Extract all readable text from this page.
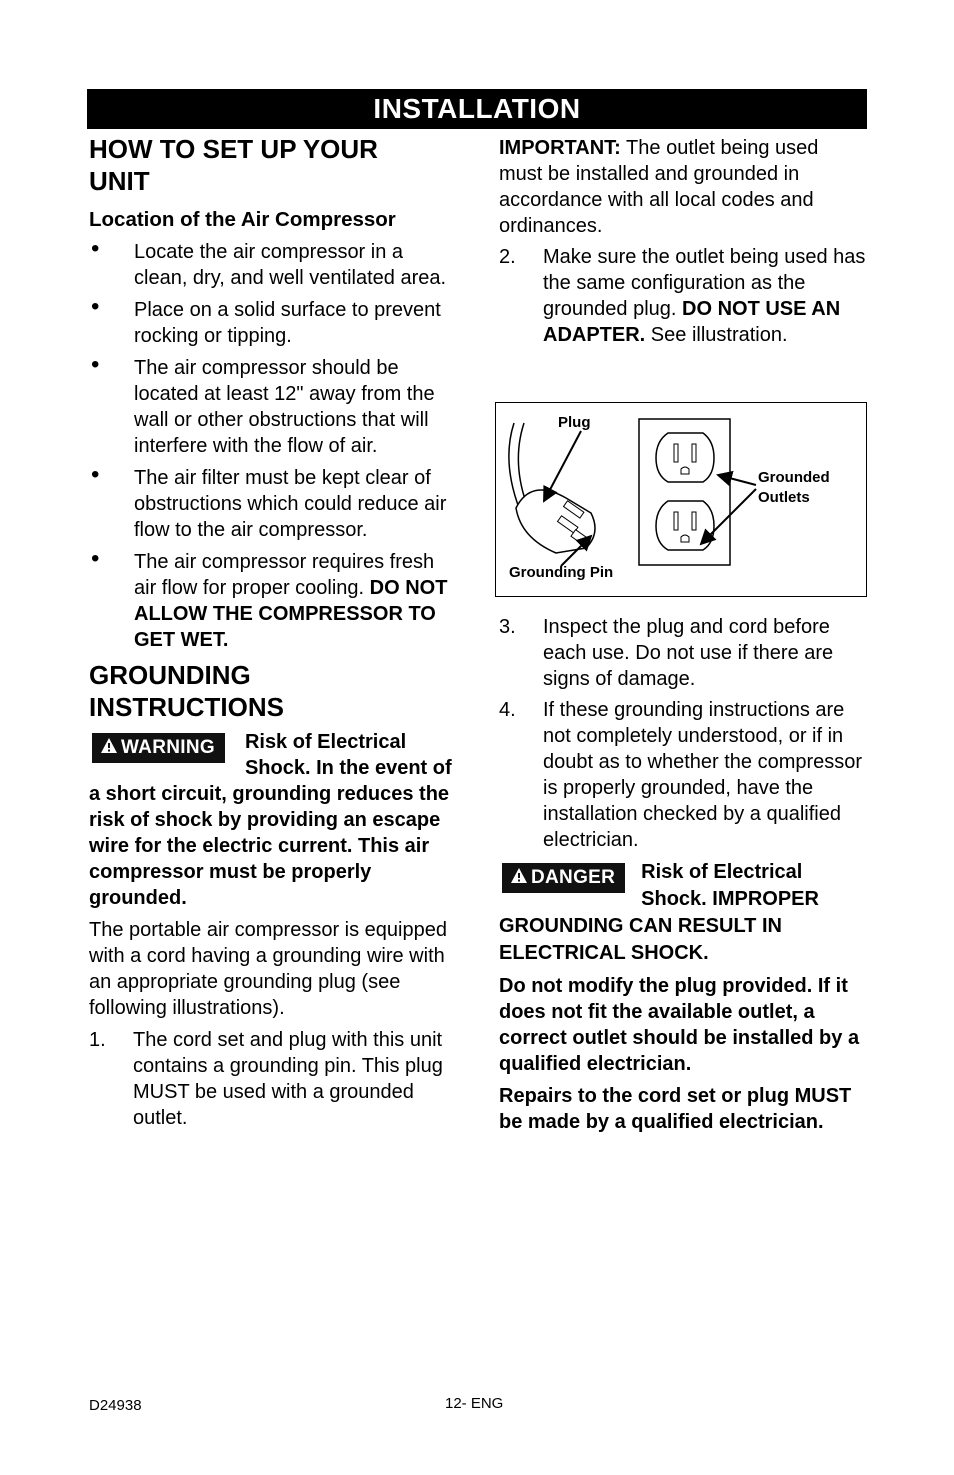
INSTALLATION
HOW TO SET UP YOUR UNIT
Location of the Air Compressor
• Locate the air compressor in a clean, dry, and well ventilated area.
• Place on a solid surface to prevent rocking or tipping.
• The air compressor should be located at least 12" away from the wall or other obstructions that will interfere with the flow of air.
• The air filter must be kept clear of obstructions which could reduce air flow to the air compressor.
• The air compressor requires fresh air flow for proper cooling. DO NOT ALLOW THE COMPRESSOR TO GET WET.
GROUNDING INSTRUCTIONS
WARNING	Risk of Electrical Shock. In the event of a short circuit, grounding reduces the risk of shock by providing an escape wire for the electric current. This air compressor must be properly grounded.

The portable air compressor is equipped with a cord having a grounding wire with an appropriate grounding plug (see following illustrations).

1. The cord set and plug with this unit contains a grounding pin. This plug MUST be used with a grounded outlet.

IMPORTANT: The outlet being used must be installed and grounded in accordance with all local codes and ordinances.

2. Make sure the outlet being used has the same configuration as the grounded plug. DO NOT USE AN ADAPTER. See illustration.
3. Inspect the plug and cord before each use. Do not use if there are signs of damage.
4. If these grounding instructions are not completely understood, or if in doubt as to whether the compressor is properly grounded, have the installation checked by a qualified electrician.
DANGER	Risk of Electrical Shock. IMPROPER GROUNDING CAN RESULT IN ELECTRICAL SHOCK.

Do not modify the plug provided. If it does not fit the available outlet, a correct outlet should be installed by a qualified electrician.

Repairs to the cord set or plug MUST be made by a qualified electrician.

Plug
Grounding Pin
Grounded
Outlets
D24938	12- ENG
